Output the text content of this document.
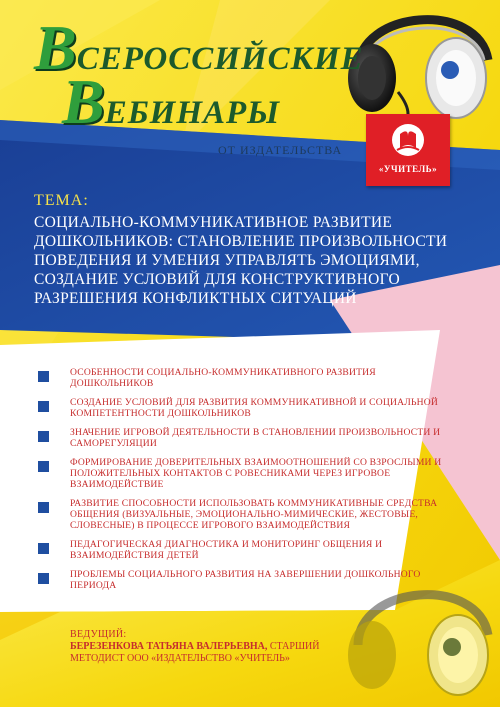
ВСЕРОССИЙСКИЕ
ВЕБИНАРЫ
ОТ ИЗДАТЕЛЬСТВА
«УЧИТЕЛЬ»
ТЕМА:
СОЦИАЛЬНО-КОММУНИКАТИВНОЕ РАЗВИТИЕ ДОШКОЛЬНИКОВ: СТАНОВЛЕНИЕ ПРОИЗВОЛЬНОСТИ ПОВЕДЕНИЯ И УМЕНИЯ УПРАВЛЯТЬ ЭМОЦИЯМИ, СОЗДАНИЕ УСЛОВИЙ ДЛЯ КОНСТРУКТИВНОГО РАЗРЕШЕНИЯ КОНФЛИКТНЫХ СИТУАЦИЙ
ОСОБЕННОСТИ СОЦИАЛЬНО-КОММУНИКАТИВНОГО РАЗВИТИЯ ДОШКОЛЬНИКОВ
СОЗДАНИЕ УСЛОВИЙ ДЛЯ РАЗВИТИЯ КОММУНИКАТИВНОЙ И СОЦИАЛЬНОЙ КОМПЕТЕНТНОСТИ ДОШКОЛЬНИКОВ
ЗНАЧЕНИЕ ИГРОВОЙ ДЕЯТЕЛЬНОСТИ В СТАНОВЛЕНИИ ПРОИЗВОЛЬНОСТИ И САМОРЕГУЛЯЦИИ
ФОРМИРОВАНИЕ ДОВЕРИТЕЛЬНЫХ ВЗАИМООТНОШЕНИЙ СО ВЗРОСЛЫМИ И ПОЛОЖИТЕЛЬНЫХ КОНТАКТОВ С РОВЕСНИКАМИ ЧЕРЕЗ ИГРОВОЕ ВЗАИМОДЕЙСТВИЕ
РАЗВИТИЕ СПОСОБНОСТИ ИСПОЛЬЗОВАТЬ КОММУНИКАТИВНЫЕ СРЕДСТВА ОБЩЕНИЯ (ВИЗУАЛЬНЫЕ, ЭМОЦИОНАЛЬНО-МИМИЧЕСКИЕ, ЖЕСТОВЫЕ, СЛОВЕСНЫЕ) В ПРОЦЕССЕ ИГРОВОГО ВЗАИМОДЕЙСТВИЯ
ПЕДАГОГИЧЕСКАЯ ДИАГНОСТИКА И МОНИТОРИНГ ОБЩЕНИЯ И ВЗАИМОДЕЙСТВИЯ ДЕТЕЙ
ПРОБЛЕМЫ СОЦИАЛЬНОГО РАЗВИТИЯ НА ЗАВЕРШЕНИИ ДОШКОЛЬНОГО ПЕРИОДА
ВЕДУЩИЙ:
БЕРЕЗЕНКОВА ТАТЬЯНА ВАЛЕРЬЕВНА, СТАРШИЙ МЕТОДИСТ ООО «ИЗДАТЕЛЬСТВО «УЧИТЕЛЬ»
